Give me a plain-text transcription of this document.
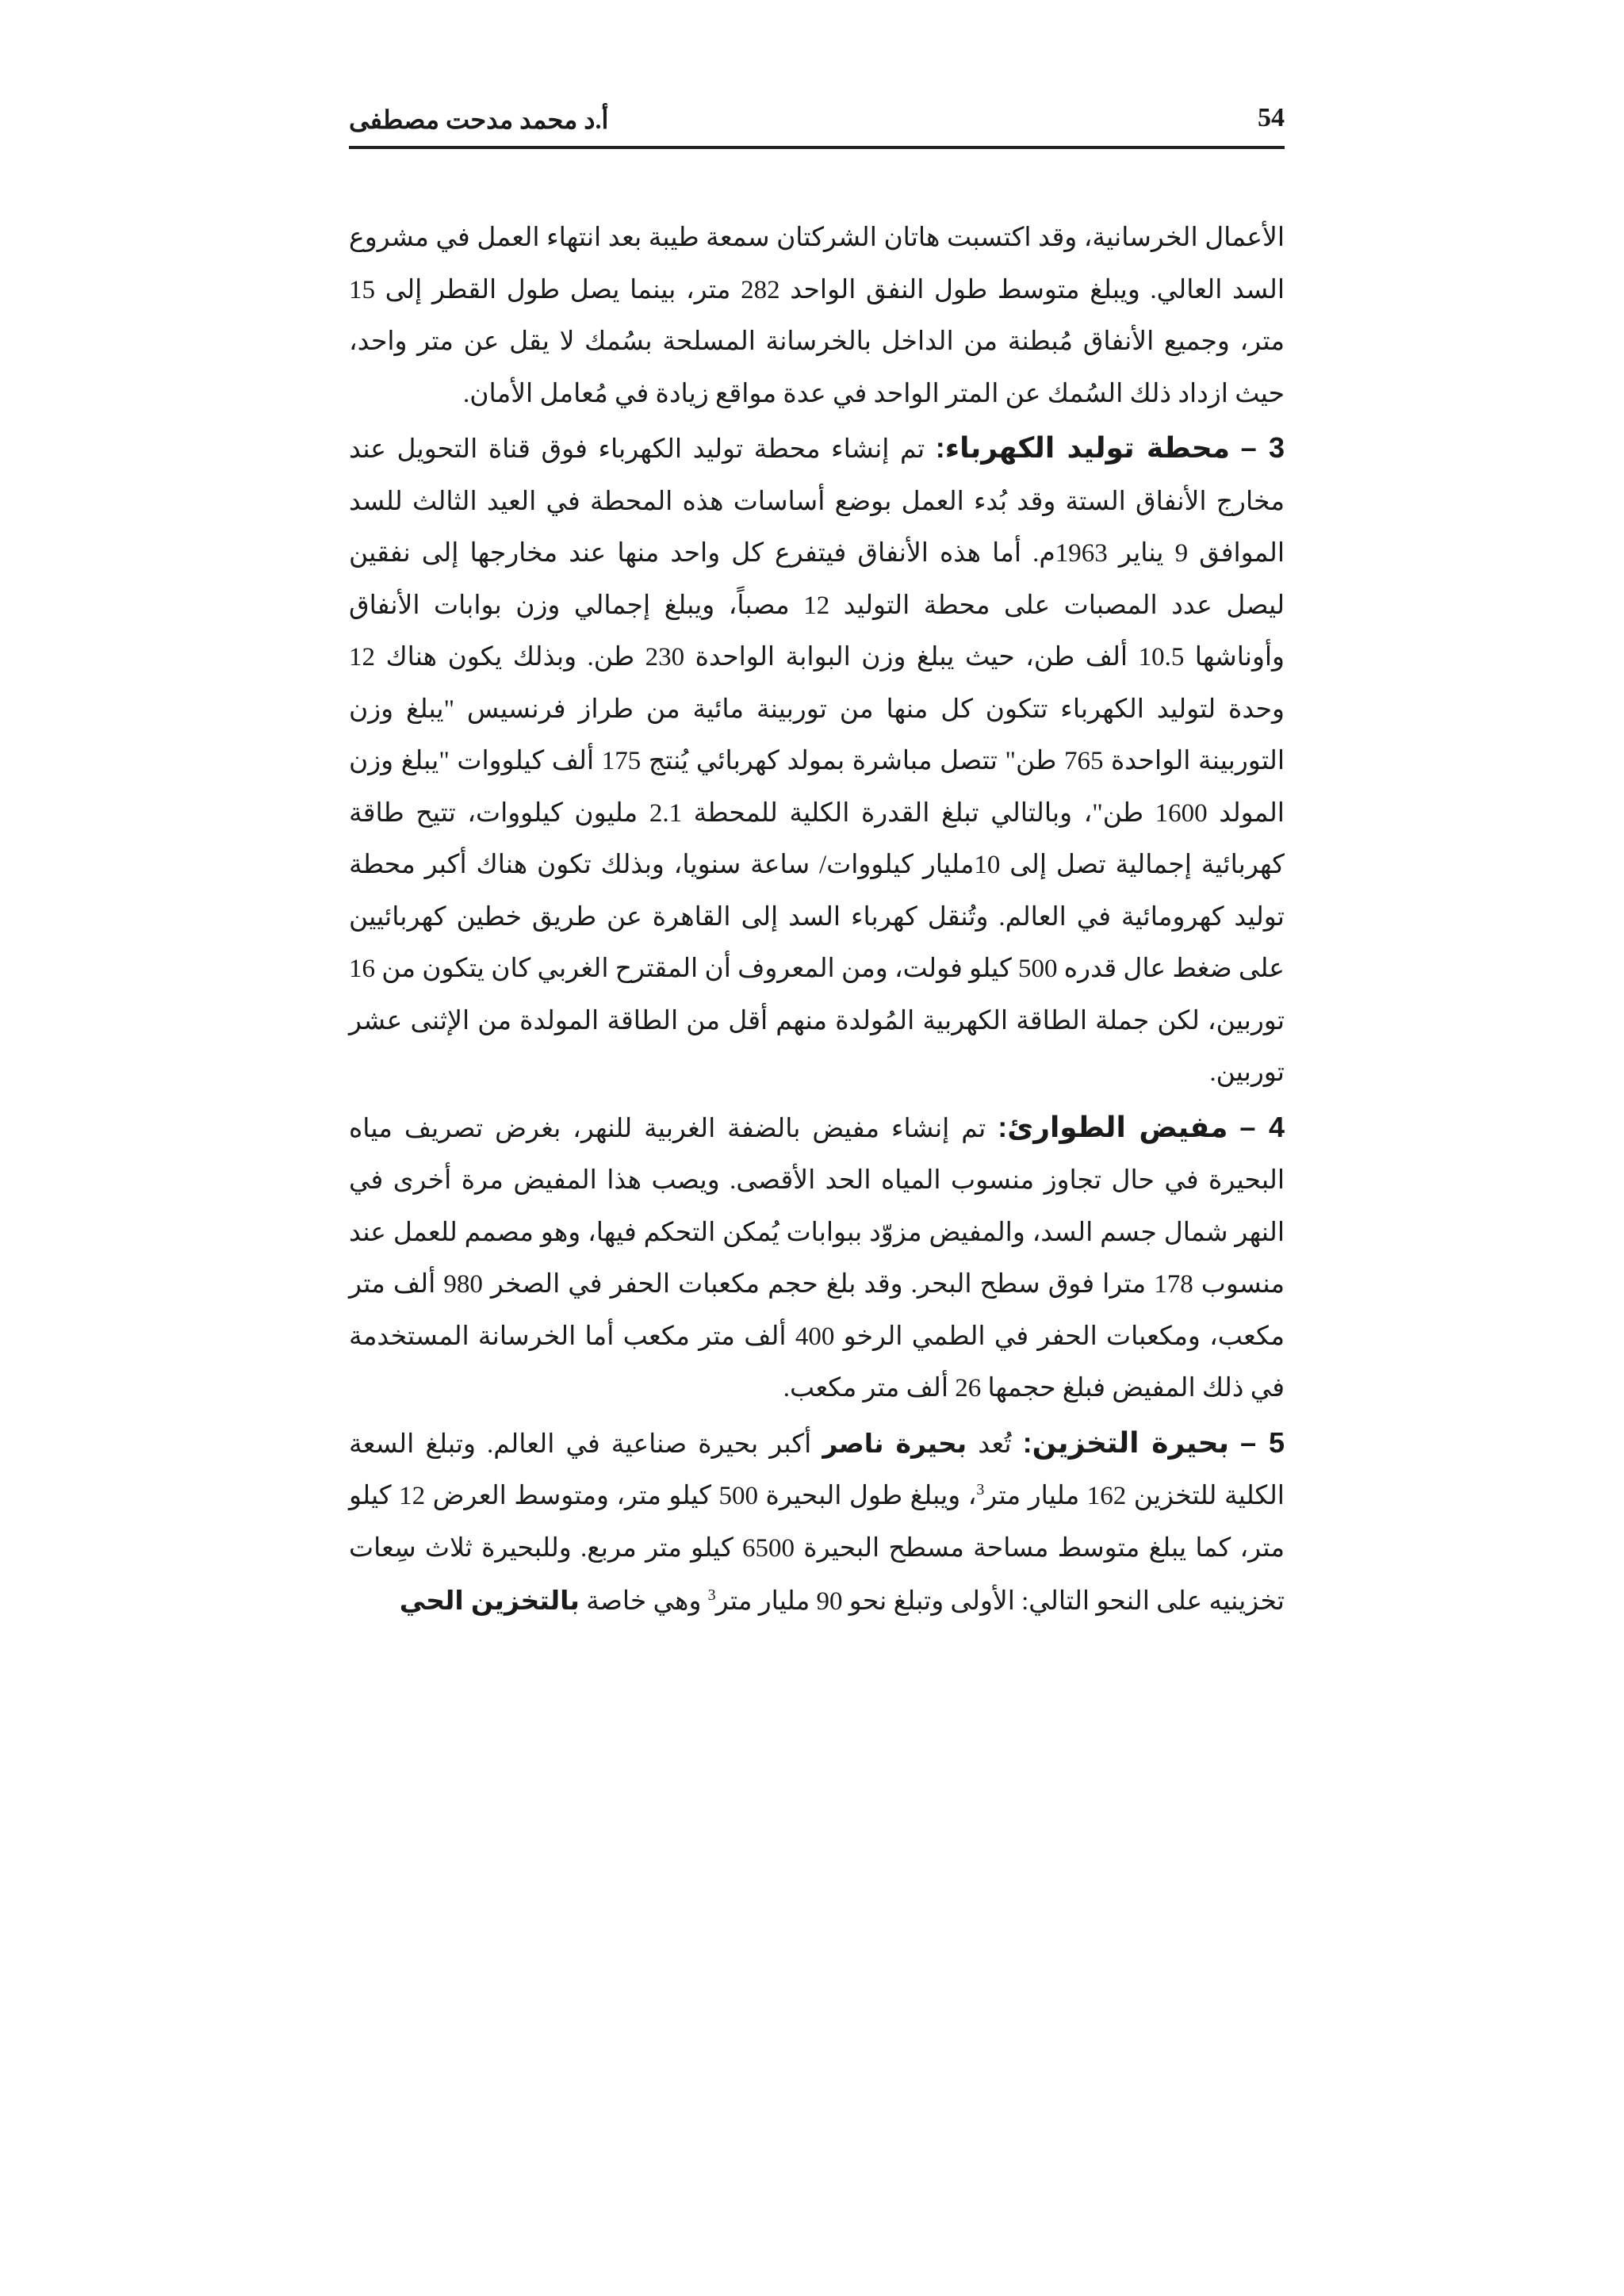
54
أ.د محمد مدحت مصطفى

الأعمال الخرسانية، وقد اكتسبت هاتان الشركتان سمعة طيبة بعد انتهاء العمل في مشروع السد العالي. ويبلغ متوسط طول النفق الواحد 282 متر، بينما يصل طول القطر إلى 15 متر، وجميع الأنفاق مُبطنة من الداخل بالخرسانة المسلحة بسُمك لا يقل عن متر واحد، حيث ازداد ذلك السُمك عن المتر الواحد في عدة مواقع زيادة في مُعامل الأمان.

3 – محطة توليد الكهرباء: تم إنشاء محطة توليد الكهرباء فوق قناة التحويل عند مخارج الأنفاق الستة وقد بُدء العمل بوضع أساسات هذه المحطة في العيد الثالث للسد الموافق 9 يناير 1963م. أما هذه الأنفاق فيتفرع كل واحد منها عند مخارجها إلى نفقين ليصل عدد المصبات على محطة التوليد 12 مصباً، ويبلغ إجمالي وزن بوابات الأنفاق وأوناشها 10.5 ألف طن، حيث يبلغ وزن البوابة الواحدة 230 طن. وبذلك يكون هناك 12 وحدة لتوليد الكهرباء تتكون كل منها من توربينة مائية من طراز فرنسيس "يبلغ وزن التوربينة الواحدة 765 طن" تتصل مباشرة بمولد كهربائي يُنتج 175 ألف كيلووات "يبلغ وزن المولد 1600 طن"، وبالتالي تبلغ القدرة الكلية للمحطة 2.1 مليون كيلووات، تتيح طاقة كهربائية إجمالية تصل إلى 10مليار كيلووات/ ساعة سنويا، وبذلك تكون هناك أكبر محطة توليد كهرومائية في العالم. وتُنقل كهرباء السد إلى القاهرة عن طريق خطين كهربائيين على ضغط عال قدره 500 كيلو فولت، ومن المعروف أن المقترح الغربي كان يتكون من 16 توربين، لكن جملة الطاقة الكهربية المُولدة منهم أقل من الطاقة المولدة من الإثنى عشر توربين.

4 – مفيض الطوارئ: تم إنشاء مفيض بالضفة الغربية للنهر، بغرض تصريف مياه البحيرة في حال تجاوز منسوب المياه الحد الأقصى. ويصب هذا المفيض مرة أخرى في النهر شمال جسم السد، والمفيض مزوّد ببوابات يُمكن التحكم فيها، وهو مصمم للعمل عند منسوب 178 مترا فوق سطح البحر. وقد بلغ حجم مكعبات الحفر في الصخر 980 ألف متر مكعب، ومكعبات الحفر في الطمي الرخو 400 ألف متر مكعب أما الخرسانة المستخدمة في ذلك المفيض فبلغ حجمها 26 ألف متر مكعب.

5 – بحيرة التخزين: تُعد بحيرة ناصر أكبر بحيرة صناعية في العالم. وتبلغ السعة الكلية للتخزين 162 مليار متر$^3$، ويبلغ طول البحيرة 500 كيلو متر، ومتوسط العرض 12 كيلو متر، كما يبلغ متوسط مساحة مسطح البحيرة 6500 كيلو متر مربع. وللبحيرة ثلاث سِعات تخزينيه على النحو التالي: الأولى وتبلغ نحو 90 مليار متر$^3$ وهي خاصة بالتخزين الحي
